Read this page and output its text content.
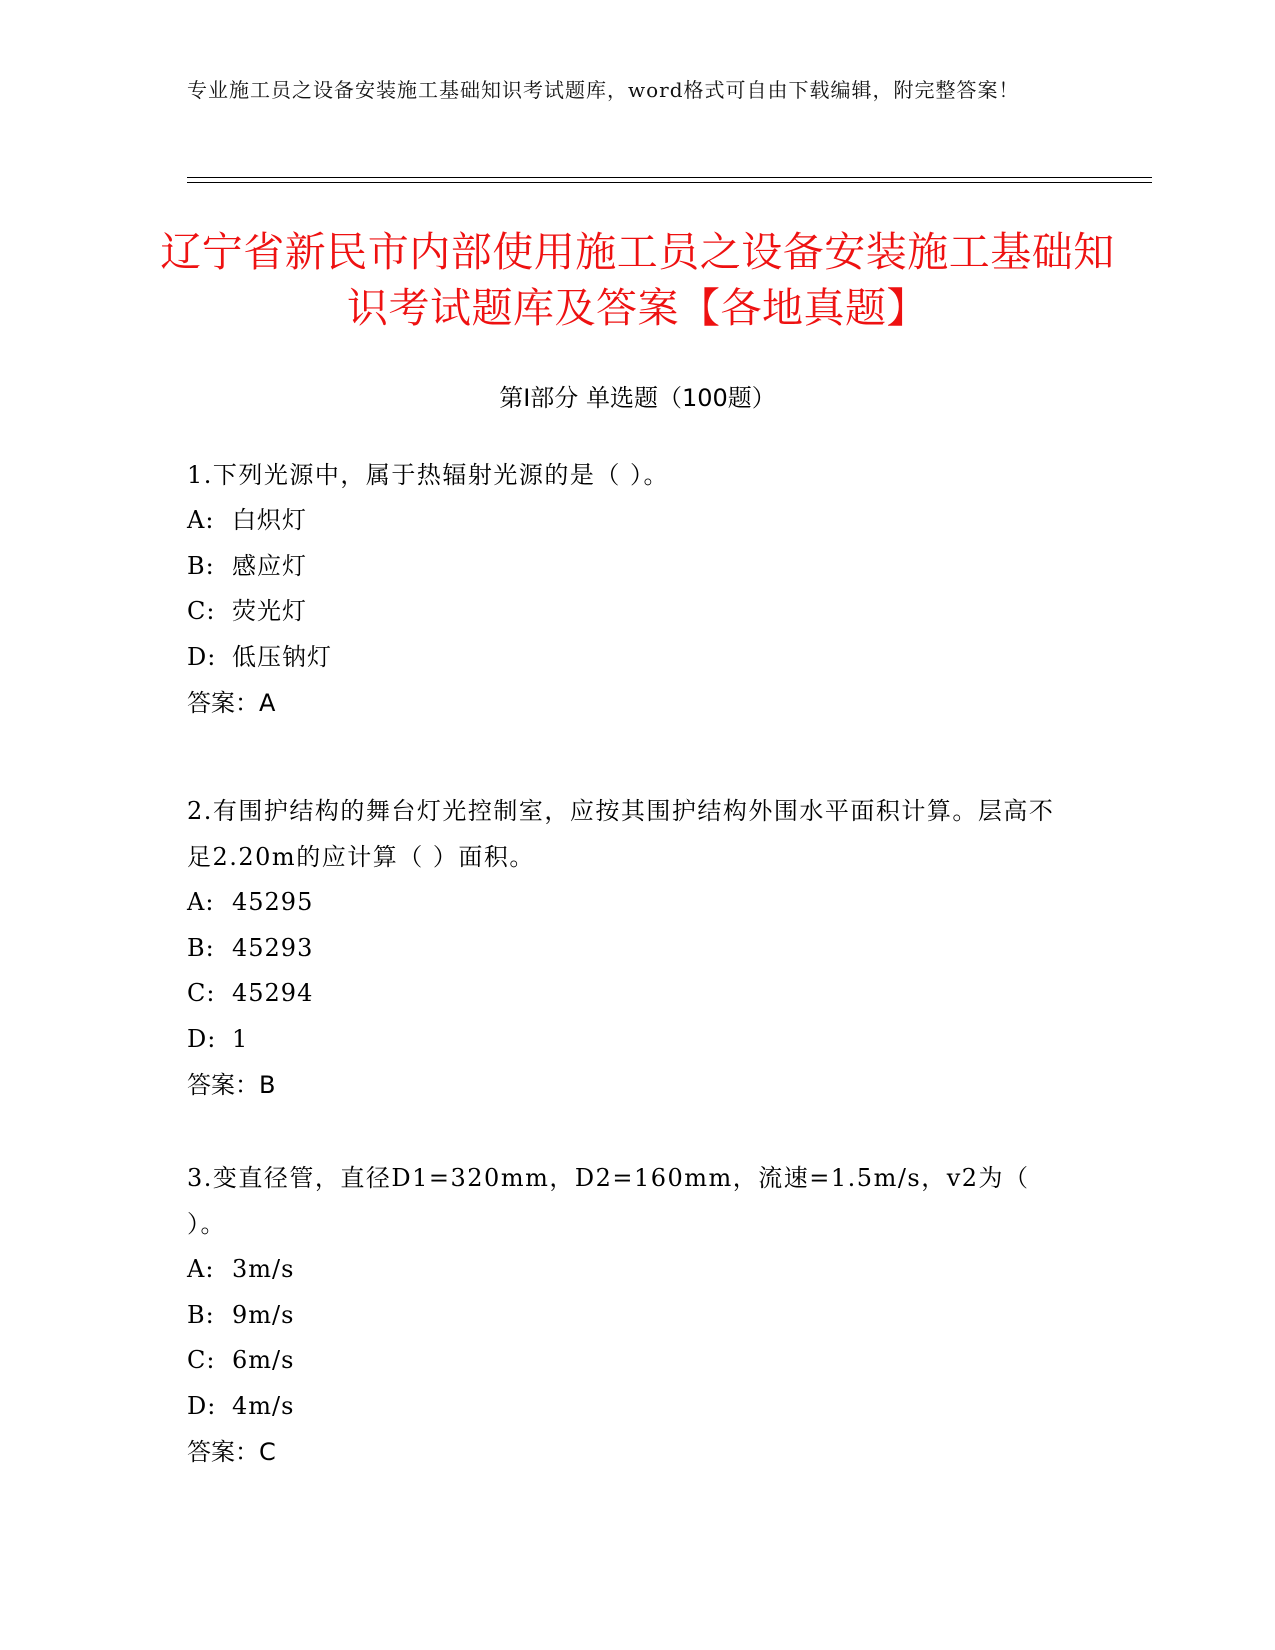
专业施工员之设备安装施工基础知识考试题库，word格式可自由下载编辑，附完整答案！
辽宁省新民市内部使用施工员之设备安装施工基础知识考试题库及答案【各地真题】
第Ⅰ部分 单选题（100题）

1.下列光源中，属于热辐射光源的是（ ）。

A: 白炽灯

B: 感应灯

C: 荧光灯

D: 低压钠灯

答案：A

2.有围护结构的舞台灯光控制室，应按其围护结构外围水平面积计算。层高不足2.20m的应计算（ ）面积。

A: 45295

B: 45293

C: 45294

D: 1

答案：B

3.变直径管，直径D1=320mm，D2=160mm，流速=1.5m/s，v2为（ ）。

A: 3m/s

B: 9m/s

C: 6m/s

D: 4m/s

答案：C
